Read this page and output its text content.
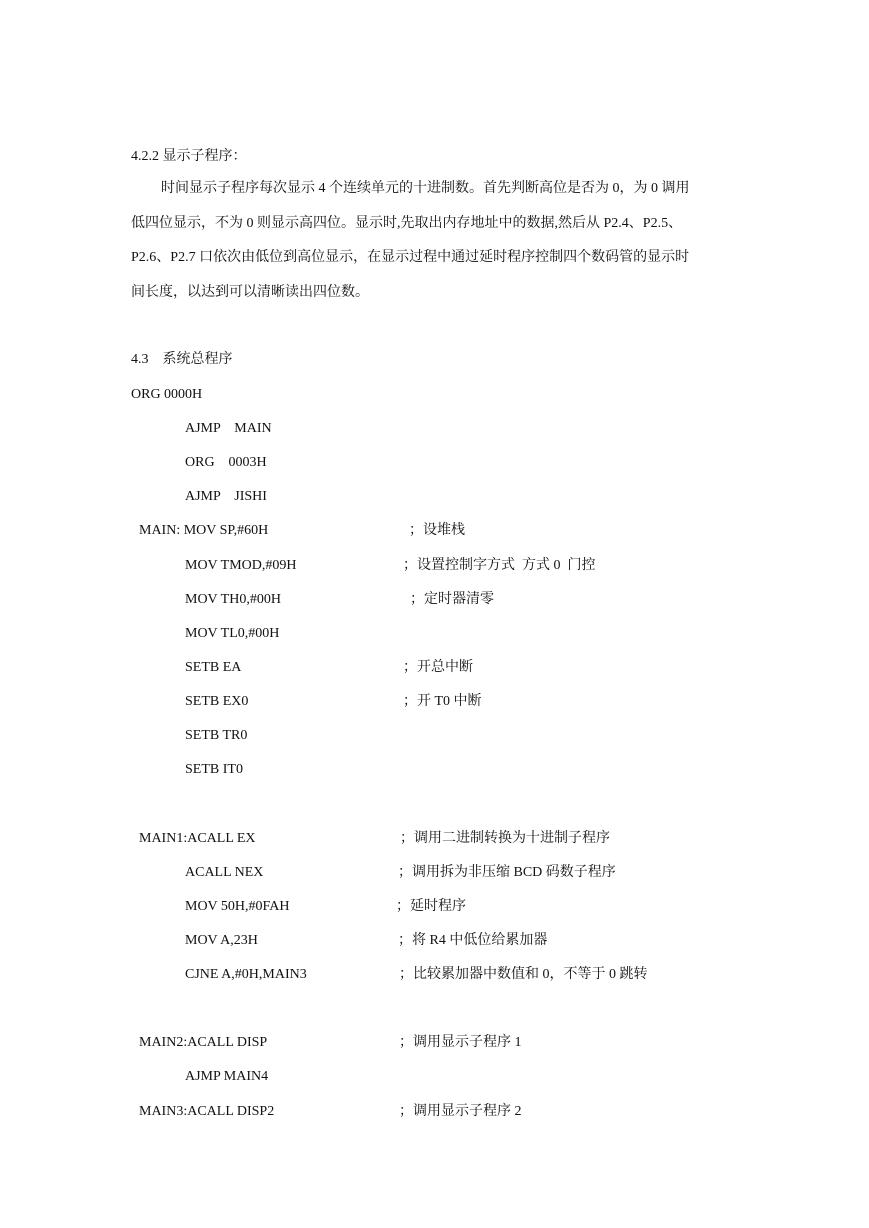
4.2.2 显示子程序：
时间显示子程序每次显示 4 个连续单元的十进制数。首先判断高位是否为 0，为 0 调用
低四位显示，不为 0 则显示高四位。显示时,先取出内存地址中的数据,然后从 P2.4、P2.5、
P2.6、P2.7 口依次由低位到高位显示，在显示过程中通过延时程序控制四个数码管的显示时
间长度，以达到可以清晰读出四位数。
4.3　系统总程序
ORG 0000H
AJMP    MAIN
ORG    0003H
AJMP    JISHI
MAIN: MOV SP,#60H	；设堆栈
MOV TMOD,#09H	；设置控制字方式  方式 0  门控
MOV TH0,#00H	；定时器清零
MOV TL0,#00H
SETB EA	；开总中断
SETB EX0	；开 T0 中断
SETB TR0
SETB IT0
MAIN1:ACALL EX	；调用二进制转换为十进制子程序
ACALL NEX	；调用拆为非压缩 BCD 码数子程序
MOV 50H,#0FAH	；延时程序
MOV A,23H	；将 R4 中低位给累加器
CJNE A,#0H,MAIN3	；比较累加器中数值和 0，不等于 0 跳转
MAIN2:ACALL DISP	；调用显示子程序 1
AJMP MAIN4
MAIN3:ACALL DISP2	；调用显示子程序 2
